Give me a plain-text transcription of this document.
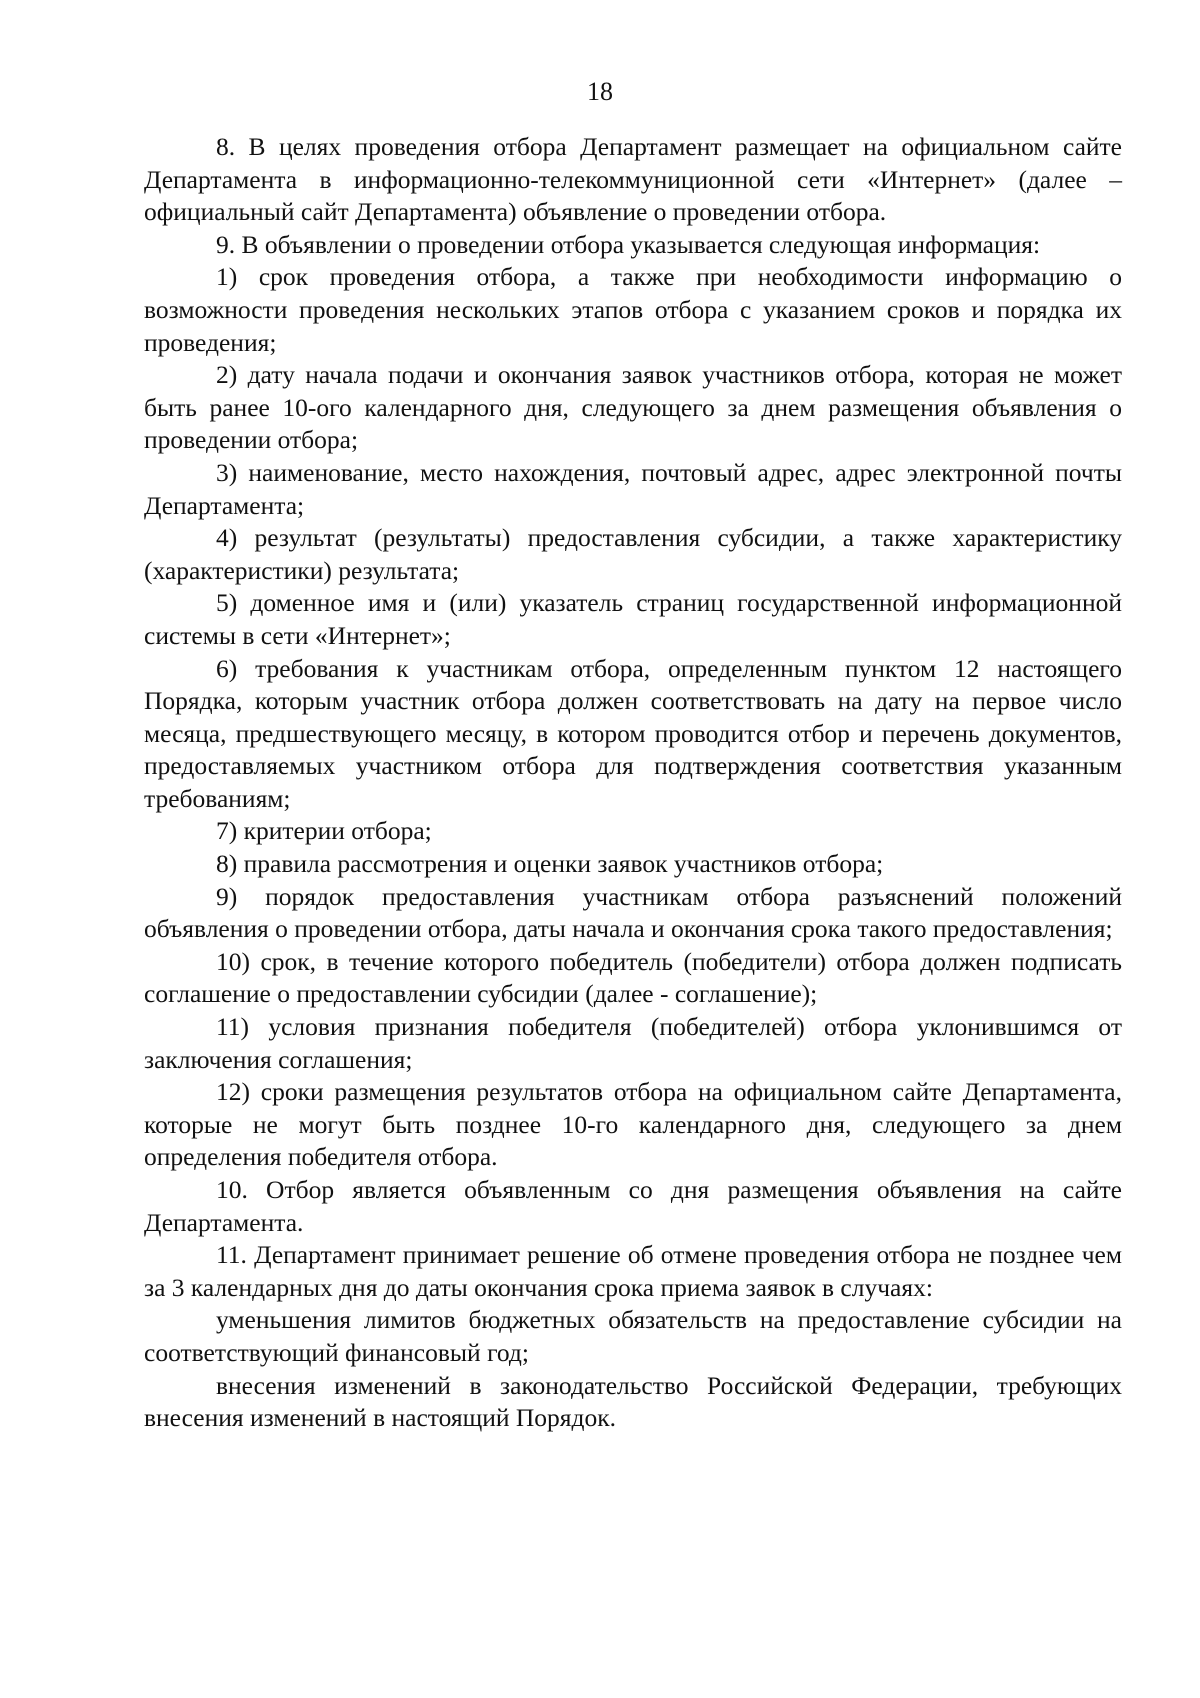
18

8. В целях проведения отбора Департамент размещает на официальном сайте Департамента в информационно-телекоммуниционной сети «Интернет» (далее – официальный сайт Департамента) объявление о проведении отбора.

9. В объявлении о проведении отбора указывается следующая информация:

1) срок проведения отбора, а также при необходимости информацию о возможности проведения нескольких этапов отбора с указанием сроков и порядка их проведения;

2) дату начала подачи и окончания заявок участников отбора, которая не может быть ранее 10-ого календарного дня, следующего за днем размещения объявления о проведении отбора;

3) наименование, место нахождения, почтовый адрес, адрес электронной почты Департамента;

4) результат (результаты) предоставления субсидии, а также характеристику (характеристики) результата;

5) доменное имя и (или) указатель страниц государственной информационной системы в сети «Интернет»;

6) требования к участникам отбора, определенным пунктом 12 настоящего Порядка, которым участник отбора должен соответствовать на дату на первое число месяца, предшествующего месяцу, в котором проводится отбор и перечень документов, предоставляемых участником отбора для подтверждения соответствия указанным требованиям;

7) критерии отбора;

8) правила рассмотрения и оценки заявок участников отбора;

9) порядок предоставления участникам отбора разъяснений положений объявления о проведении отбора, даты начала и окончания срока такого предоставления;

10) срок, в течение которого победитель (победители) отбора должен подписать соглашение о предоставлении субсидии (далее - соглашение);

11) условия признания победителя (победителей) отбора уклонившимся от заключения соглашения;

12) сроки размещения результатов отбора на официальном сайте Департамента, которые не могут быть позднее 10-го календарного дня, следующего за днем определения победителя отбора.

10. Отбор является объявленным со дня размещения объявления на сайте Департамента.

11. Департамент принимает решение об отмене проведения отбора не позднее чем за 3 календарных дня до даты окончания срока приема заявок в случаях:

уменьшения лимитов бюджетных обязательств на предоставление субсидии на соответствующий финансовый год;

внесения изменений в законодательство Российской Федерации, требующих внесения изменений в настоящий Порядок.
